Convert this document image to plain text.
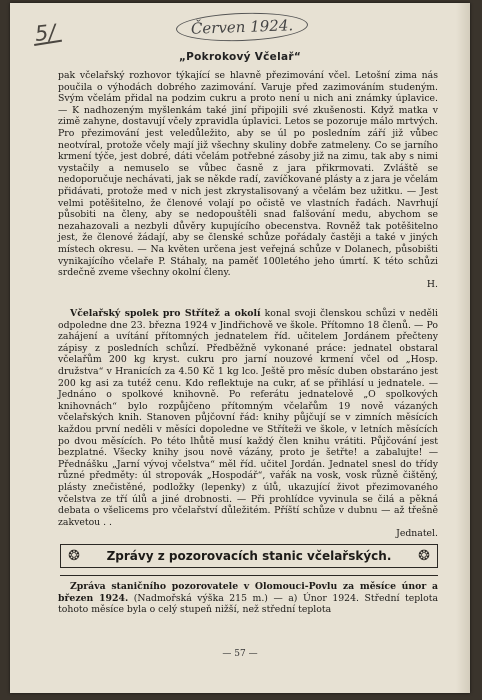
5/	Červen 1924.
„Pokrokový Včelař“
pak včelařský rozhovor týkající se hlavně přezimování včel. Letošní zima nás poučila o výhodách dobrého zazimování. Varuje před zazimováním studeným. Svým včelám přidal na podzim cukru a proto není u nich ani známky úplavice. — K nadhozeným myšlenkám také jiní připojili své zkušenosti. Když matka v zimě zahyne, dostavují včely zpravidla úplavici. Letos se pozoruje málo mrtvých. Pro přezimování jest veledůležito, aby se úl po posledním září již vůbec neotvíral, protože včely mají již všechny skuliny dobře zatmeleny. Co se jarního krmení týče, jest dobré, dáti včelám potřebné zásoby již na zimu, tak aby s nimi vystačily a nemuselo se vůbec časně z jara přikrmovati. Zvláště se nedoporučuje nechávati, jak se někde radí, zavíčkované plásty a z jara je včelám přidávati, protože med v nich jest zkrystalisovaný a včelám bez užitku. — Jest velmi potěšitelno, že členové volají po očistě ve vlastních řadách. Navrhují působiti na členy, aby se nedopouštěli snad falšování medu, abychom se nezahazovali a nezbyli důvěry kupujícího obecenstva. Rovněž tak potěšitelno jest, že členové žádají, aby se členské schůze pořádaly častěji a také v jiných místech okresu. — Na květen určena jest veřejná schůze v Dolanech, působišti vynikajícího včelaře P. Stáhaly, na paměť 100letého jeho úmrtí. K této schůzi srdečně zveme všechny okolní členy.
H.
Včelařský spolek pro Střítež a okolí konal svoji členskou schůzi v neděli odpoledne dne 23. března 1924 v Jindřichově ve škole. Přítomno 18 členů. — Po zahájení a uvítání přítomných jednatelem říd. učitelem Jordánem přečteny zápisy z posledních schůzí. Předběžně vykonané práce: jednatel obstaral včelařům 200 kg kryst. cukru pro jarní nouzové krmení včel od „Hosp. družstva“ v Hranicích za 4.50 Kč 1 kg lco. Ještě pro měsíc duben obstaráno jest 200 kg asi za tutéž cenu. Kdo reflektuje na cukr, ať se přihlásí u jednatele. — Jednáno o spolkové knihovně. Po referátu jednatelově „O spolkových knihovnách“ bylo rozpůjčeno přítomným včelařům 19 nově vázaných včelařských knih. Stanoven půjčovní řád: knihy půjčují se v zimních měsících každou první neděli v měsíci dopoledne ve Stříteži ve škole, v letních měsících po dvou měsících. Po této lhůtě musí každý člen knihu vrátiti. Půjčování jest bezplatné. Všecky knihy jsou nově vázány, proto je šetřte! a zabalujte! — Přednášku „Jarní vývoj včelstva“ měl říd. učitel Jordán. Jednatel snesl do třídy různé předměty: úl stropovák „Hospodář“, vařák na vosk, vosk různě čištěný, plásty znečistěné, podložky (lepenky) z úlů, ukazující život přezimovaného včelstva ze tří úlů a jiné drobnosti. — Při prohlídce vyvinula se čilá a pěkná debata o všelicems pro včelařství důležitém. Příští schůze v dubnu — až třešně zakvetou . .
Jednatel.
❂	Zprávy z pozorovacích stanic včelařských.	❂
Zpráva staničního pozorovatele v Olomouci-Povlu za měsíce únor a březen 1924. (Nadmořská výška 215 m.) — a) Únor 1924. Střední teplota tohoto měsíce byla o celý stupeň nižší, než střední teplota
— 57 —
